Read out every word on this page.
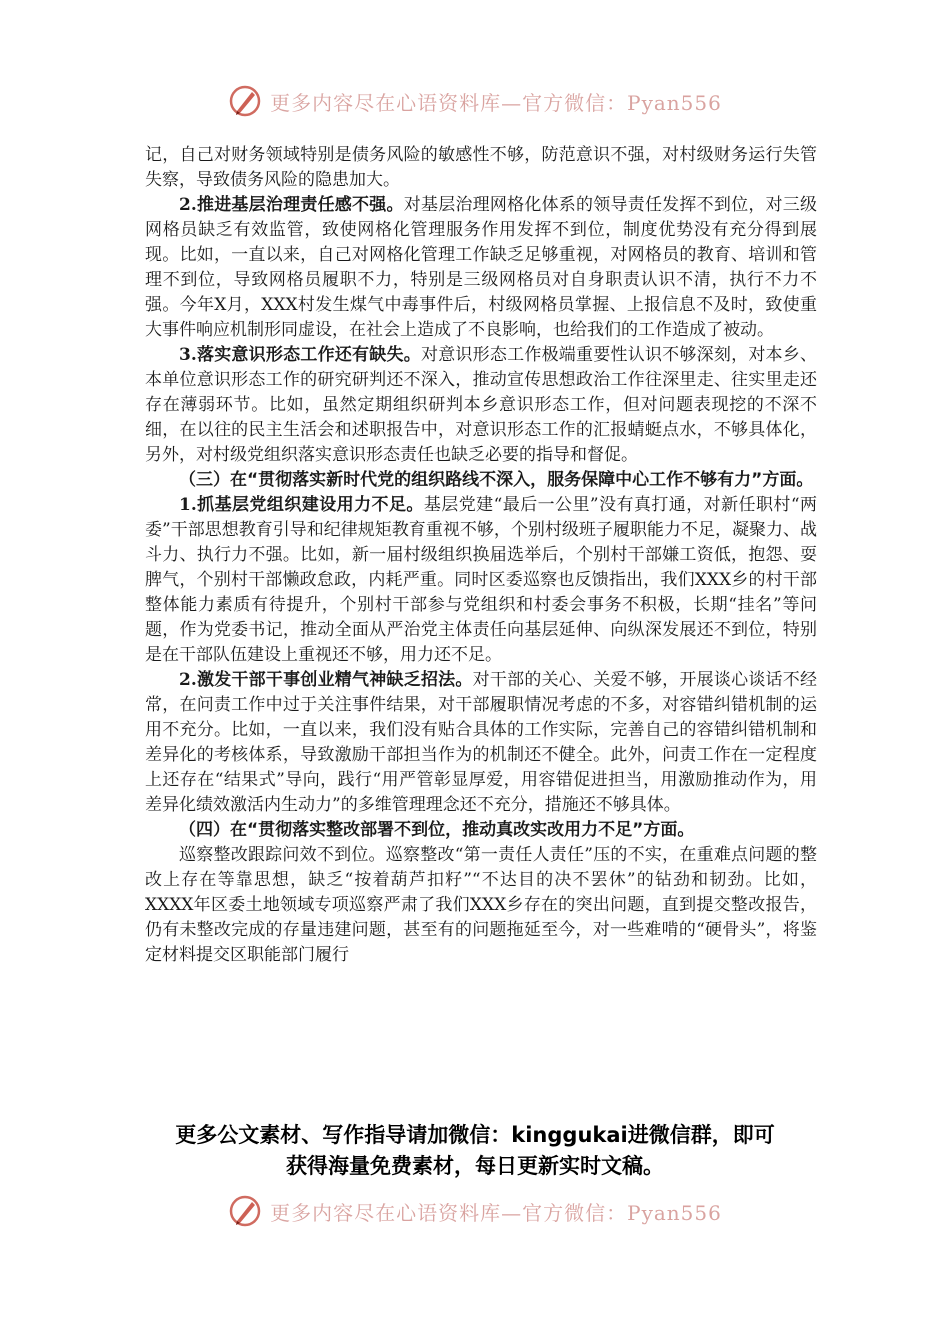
更多内容尽在心语资料库—官方微信：Pyan556

记，自己对财务领域特别是债务风险的敏感性不够，防范意识不强，对村级财务运行失管失察，导致债务风险的隐患加大。

2.推进基层治理责任感不强。对基层治理网格化体系的领导责任发挥不到位，对三级网格员缺乏有效监管，致使网格化管理服务作用发挥不到位，制度优势没有充分得到展现。比如，一直以来，自己对网格化管理工作缺乏足够重视，对网格员的教育、培训和管理不到位，导致网格员履职不力，特别是三级网格员对自身职责认识不清，执行不力不强。今年X月，XXX村发生煤气中毒事件后，村级网格员掌握、上报信息不及时，致使重大事件响应机制形同虚设，在社会上造成了不良影响，也给我们的工作造成了被动。

3.落实意识形态工作还有缺失。对意识形态工作极端重要性认识不够深刻，对本乡、本单位意识形态工作的研究研判还不深入，推动宣传思想政治工作往深里走、往实里走还存在薄弱环节。比如，虽然定期组织研判本乡意识形态工作，但对问题表现挖的不深不细，在以往的民主生活会和述职报告中，对意识形态工作的汇报蜻蜓点水，不够具体化，另外，对村级党组织落实意识形态责任也缺乏必要的指导和督促。

（三）在“贯彻落实新时代党的组织路线不深入，服务保障中心工作不够有力”方面。

1.抓基层党组织建设用力不足。基层党建“最后一公里”没有真打通，对新任职村“两委”干部思想教育引导和纪律规矩教育重视不够，个别村级班子履职能力不足，凝聚力、战斗力、执行力不强。比如，新一届村级组织换届选举后，个别村干部嫌工资低，抱怨、耍脾气，个别村干部懒政怠政，内耗严重。同时区委巡察也反馈指出，我们XXX乡的村干部整体能力素质有待提升，个别村干部参与党组织和村委会事务不积极，长期“挂名”等问题，作为党委书记，推动全面从严治党主体责任向基层延伸、向纵深发展还不到位，特别是在干部队伍建设上重视还不够，用力还不足。

2.激发干部干事创业精气神缺乏招法。对干部的关心、关爱不够，开展谈心谈话不经常，在问责工作中过于关注事件结果，对干部履职情况考虑的不多，对容错纠错机制的运用不充分。比如，一直以来，我们没有贴合具体的工作实际，完善自己的容错纠错机制和差异化的考核体系，导致激励干部担当作为的机制还不健全。此外，问责工作在一定程度上还存在“结果式”导向，践行“用严管彰显厚爱，用容错促进担当，用激励推动作为，用差异化绩效激活内生动力”的多维管理理念还不充分，措施还不够具体。

（四）在“贯彻落实整改部署不到位，推动真改实改用力不足”方面。

巡察整改跟踪问效不到位。巡察整改“第一责任人责任”压的不实，在重难点问题的整改上存在等靠思想，缺乏“按着葫芦扣籽”“不达目的决不罢休”的钻劲和韧劲。比如，XXXX年区委土地领域专项巡察严肃了我们XXX乡存在的突出问题，直到提交整改报告，仍有未整改完成的存量违建问题，甚至有的问题拖延至今，对一些难啃的“硬骨头”，将鉴定材料提交区职能部门履行

更多公文素材、写作指导请加微信：kinggukai进微信群，即可
获得海量免费素材，每日更新实时文稿。
更多内容尽在心语资料库—官方微信：Pyan556
